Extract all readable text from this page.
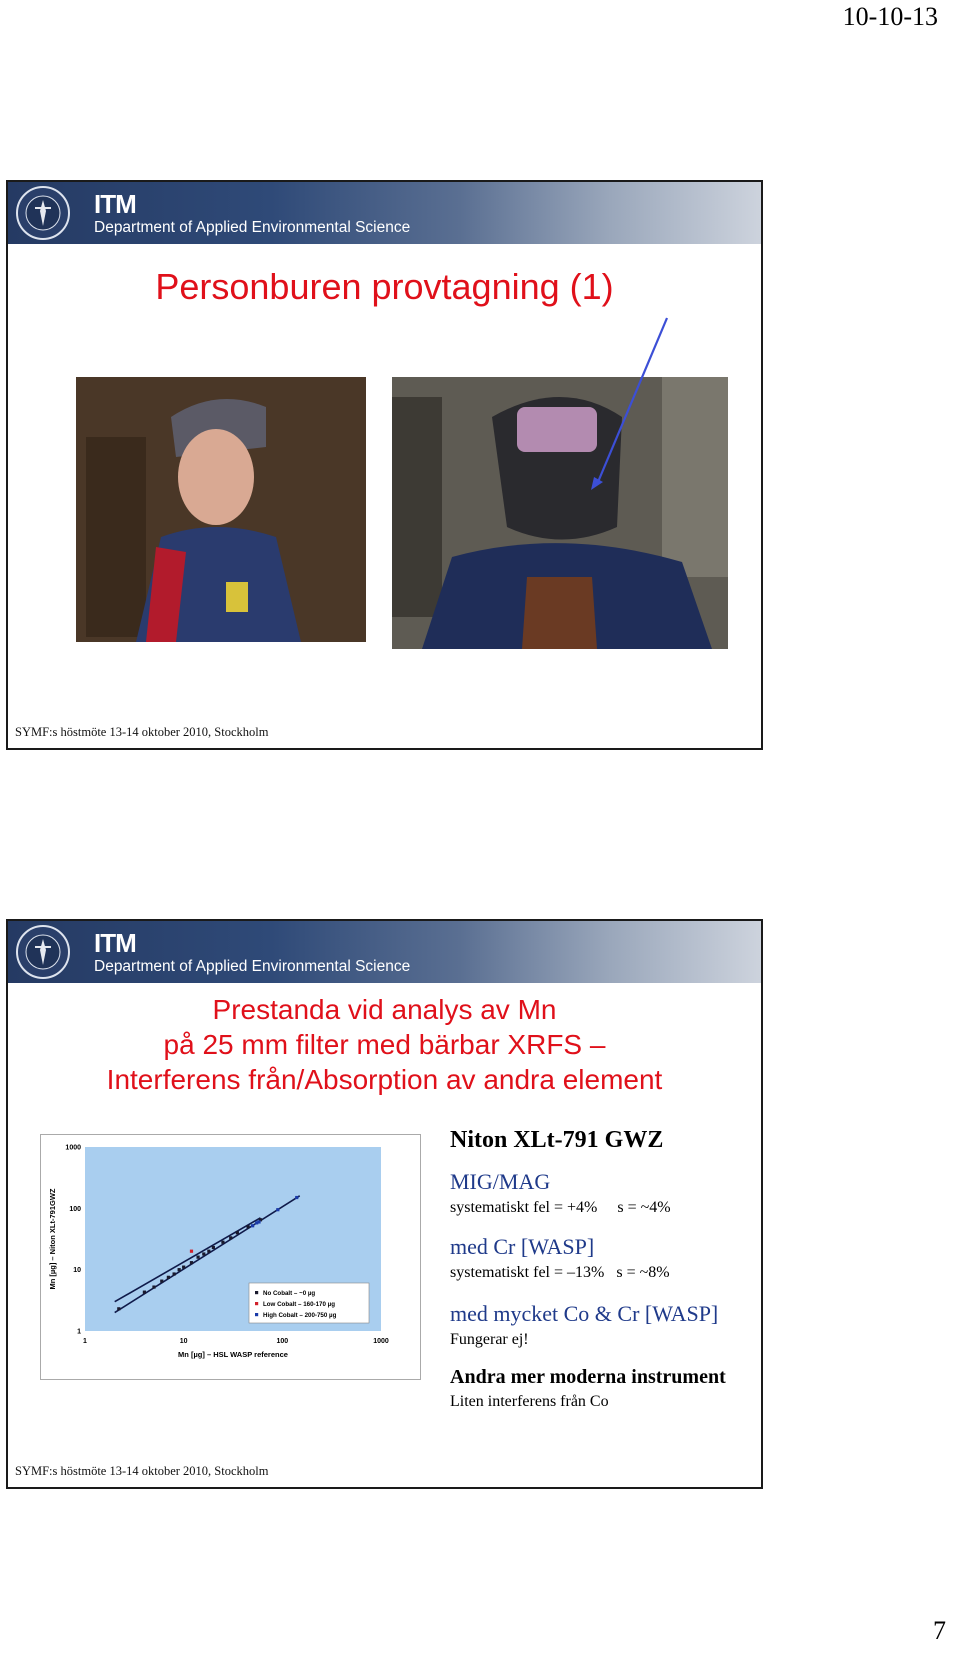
10-10-13
ITM
Department of Applied Environmental Science
Personburen provtagning (1)
SYMF:s höstmöte 13-14 oktober 2010, Stockholm
ITM
Department of Applied Environmental Science
Prestanda vid analys av Mn
på 25 mm filter med bärbar XRFS –
Interferens från/Absorption av andra element
1	10	100	1000
1
10
100
1000
Mn [µg] – HSL WASP reference
Mn [µg] – Niton XLt-791GWZ
No Cobalt – ~0 µg
Low Cobalt – 160-170 µg
High Cobalt – 200-750 µg
Niton XLt-791 GWZ
MIG/MAG
systematiskt fel = +4%     s = ~4%
med Cr [WASP]
systematiskt fel = –13%   s = ~8%
med mycket Co & Cr [WASP]
Fungerar ej!
Andra mer moderna instrument
Liten interferens från Co
SYMF:s höstmöte 13-14 oktober 2010, Stockholm
7
